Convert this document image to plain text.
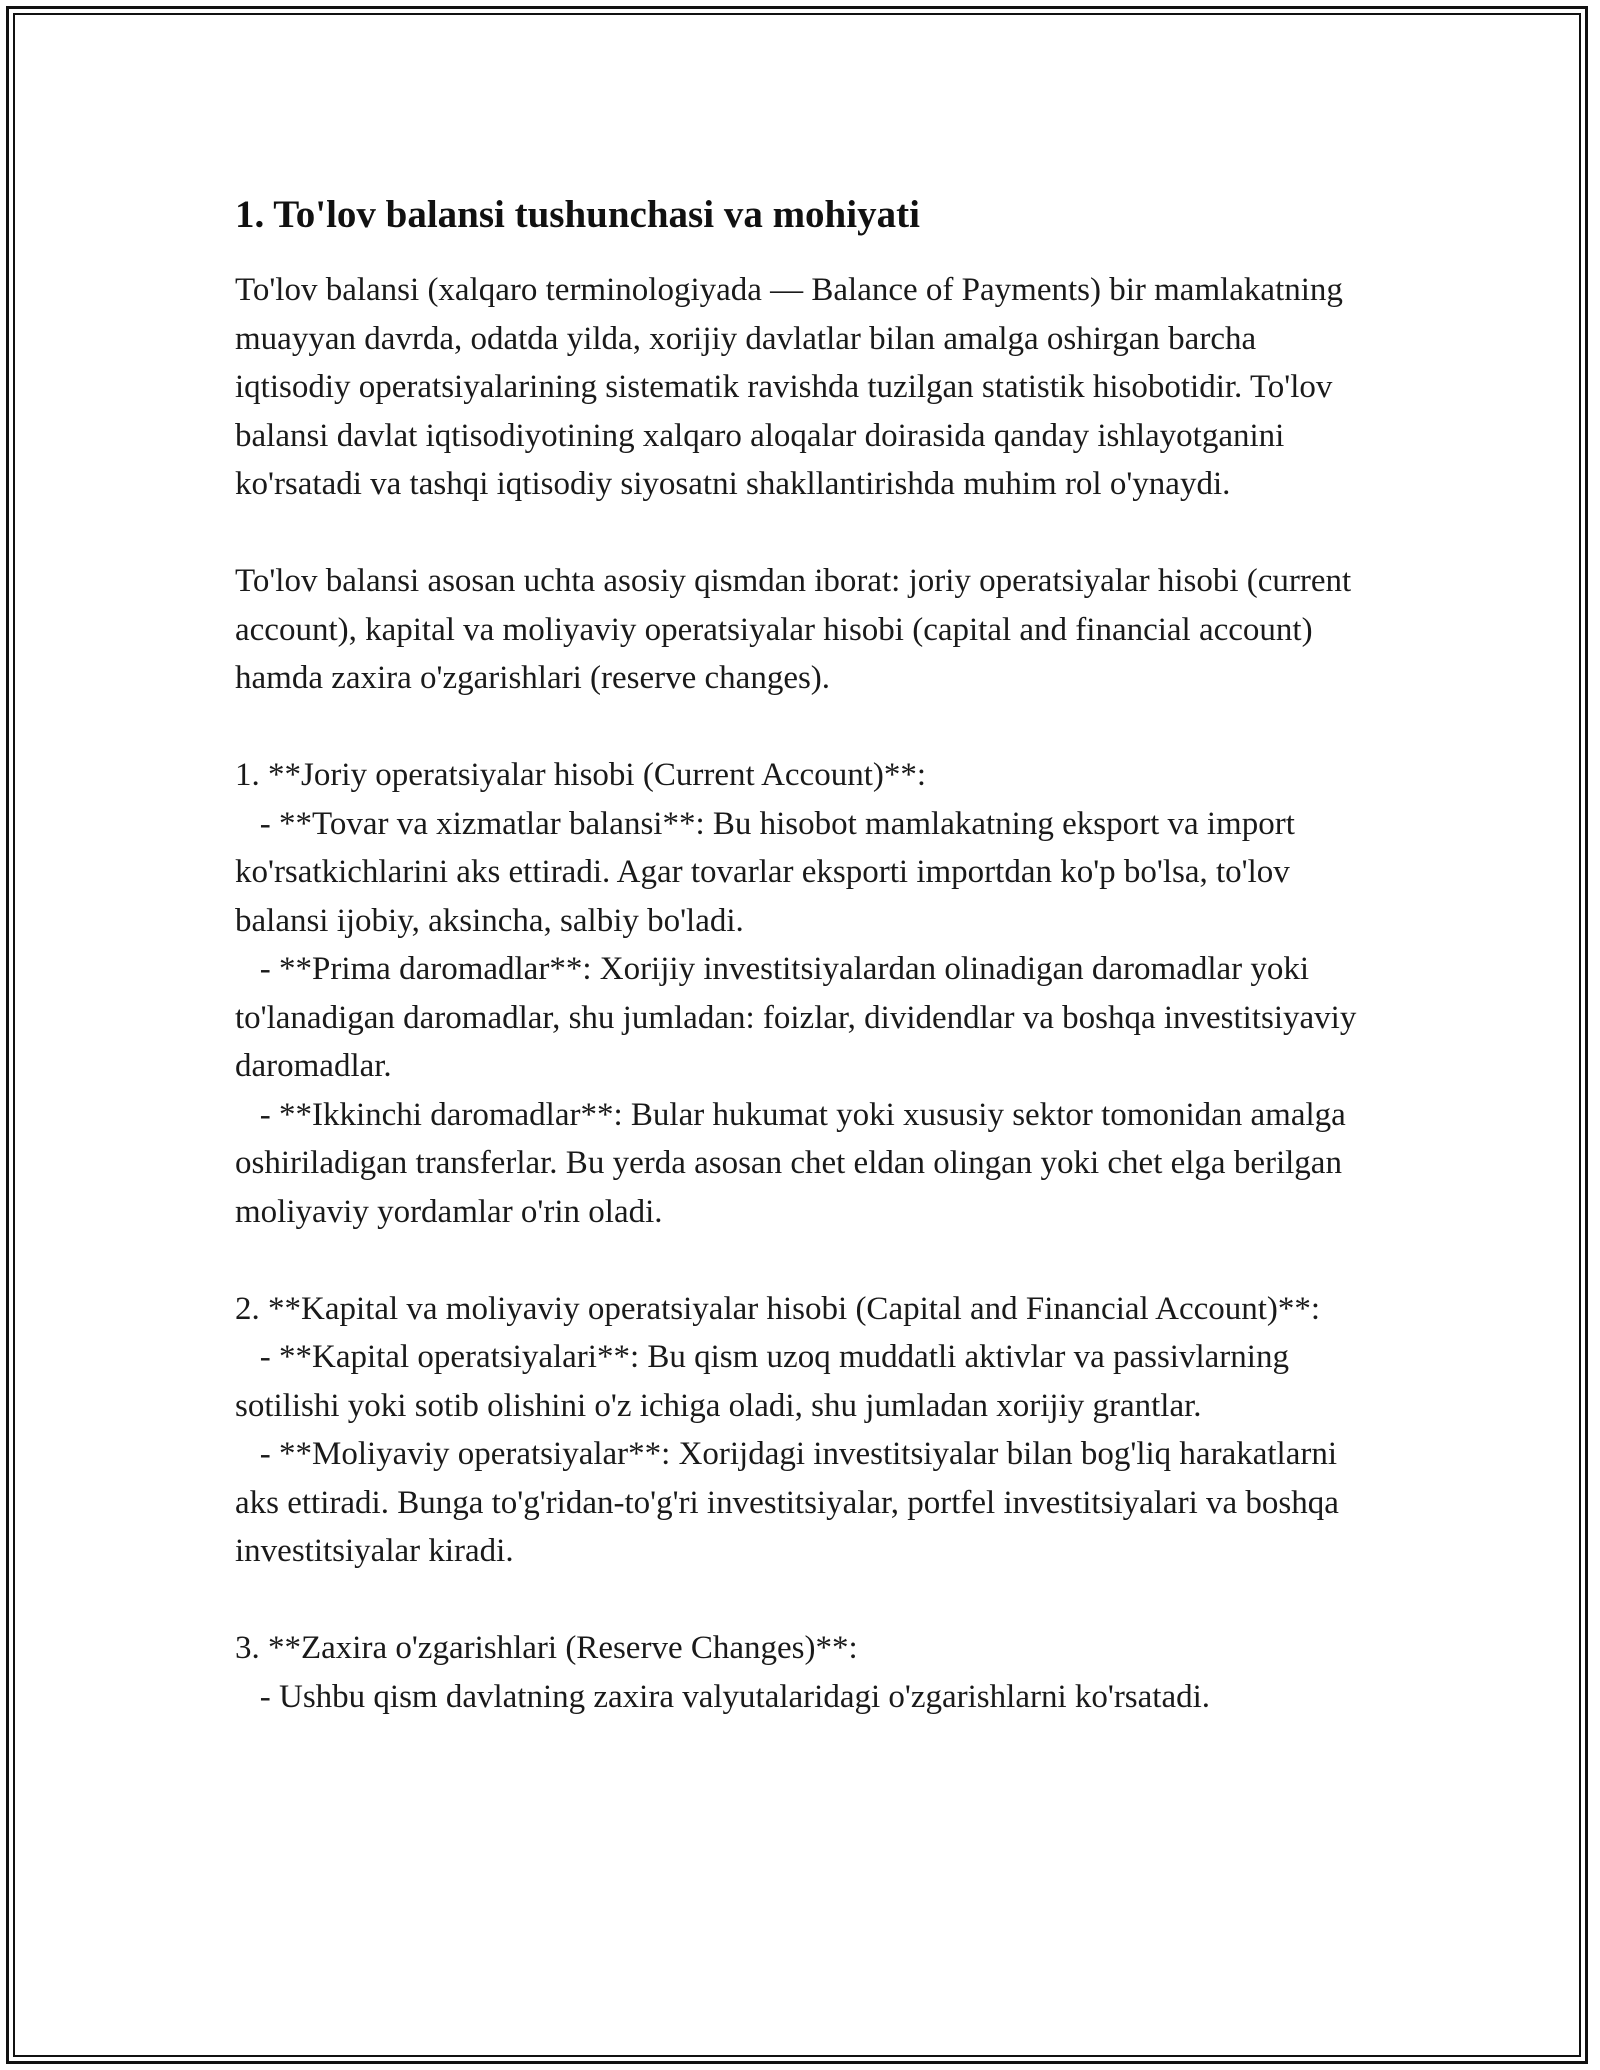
1. To'lov balansi tushunchasi va mohiyati

To'lov balansi (xalqaro terminologiyada — Balance of Payments) bir mamlakatning muayyan davrda, odatda yilda, xorijiy davlatlar bilan amalga oshirgan barcha iqtisodiy operatsiyalarining sistematik ravishda tuzilgan statistik hisobotidir. To'lov balansi davlat iqtisodiyotining xalqaro aloqalar doirasida qanday ishlayotganini ko'rsatadi va tashqi iqtisodiy siyosatni shakllantirishda muhim rol o'ynaydi.

To'lov balansi asosan uchta asosiy qismdan iborat: joriy operatsiyalar hisobi (current account), kapital va moliyaviy operatsiyalar hisobi (capital and financial account) hamda zaxira o'zgarishlari (reserve changes).

1. **Joriy operatsiyalar hisobi (Current Account)**:
- **Tovar va xizmatlar balansi**: Bu hisobot mamlakatning eksport va import ko'rsatkichlarini aks ettiradi. Agar tovarlar eksporti importdan ko'p bo'lsa, to'lov balansi ijobiy, aksincha, salbiy bo'ladi.
- **Prima daromadlar**: Xorijiy investitsiyalardan olinadigan daromadlar yoki to'lanadigan daromadlar, shu jumladan: foizlar, dividendlar va boshqa investitsiyaviy daromadlar.
- **Ikkinchi daromadlar**: Bular hukumat yoki xususiy sektor tomonidan amalga oshiriladigan transferlar. Bu yerda asosan chet eldan olingan yoki chet elga berilgan moliyaviy yordamlar o'rin oladi.

2. **Kapital va moliyaviy operatsiyalar hisobi (Capital and Financial Account)**:
- **Kapital operatsiyalari**: Bu qism uzoq muddatli aktivlar va passivlarning sotilishi yoki sotib olishini o'z ichiga oladi, shu jumladan xorijiy grantlar.
- **Moliyaviy operatsiyalar**: Xorijdagi investitsiyalar bilan bog'liq harakatlarni aks ettiradi. Bunga to'g'ridan-to'g'ri investitsiyalar, portfel investitsiyalari va boshqa investitsiyalar kiradi.

3. **Zaxira o'zgarishlari (Reserve Changes)**:
- Ushbu qism davlatning zaxira valyutalaridagi o'zgarishlarni ko'rsatadi.
